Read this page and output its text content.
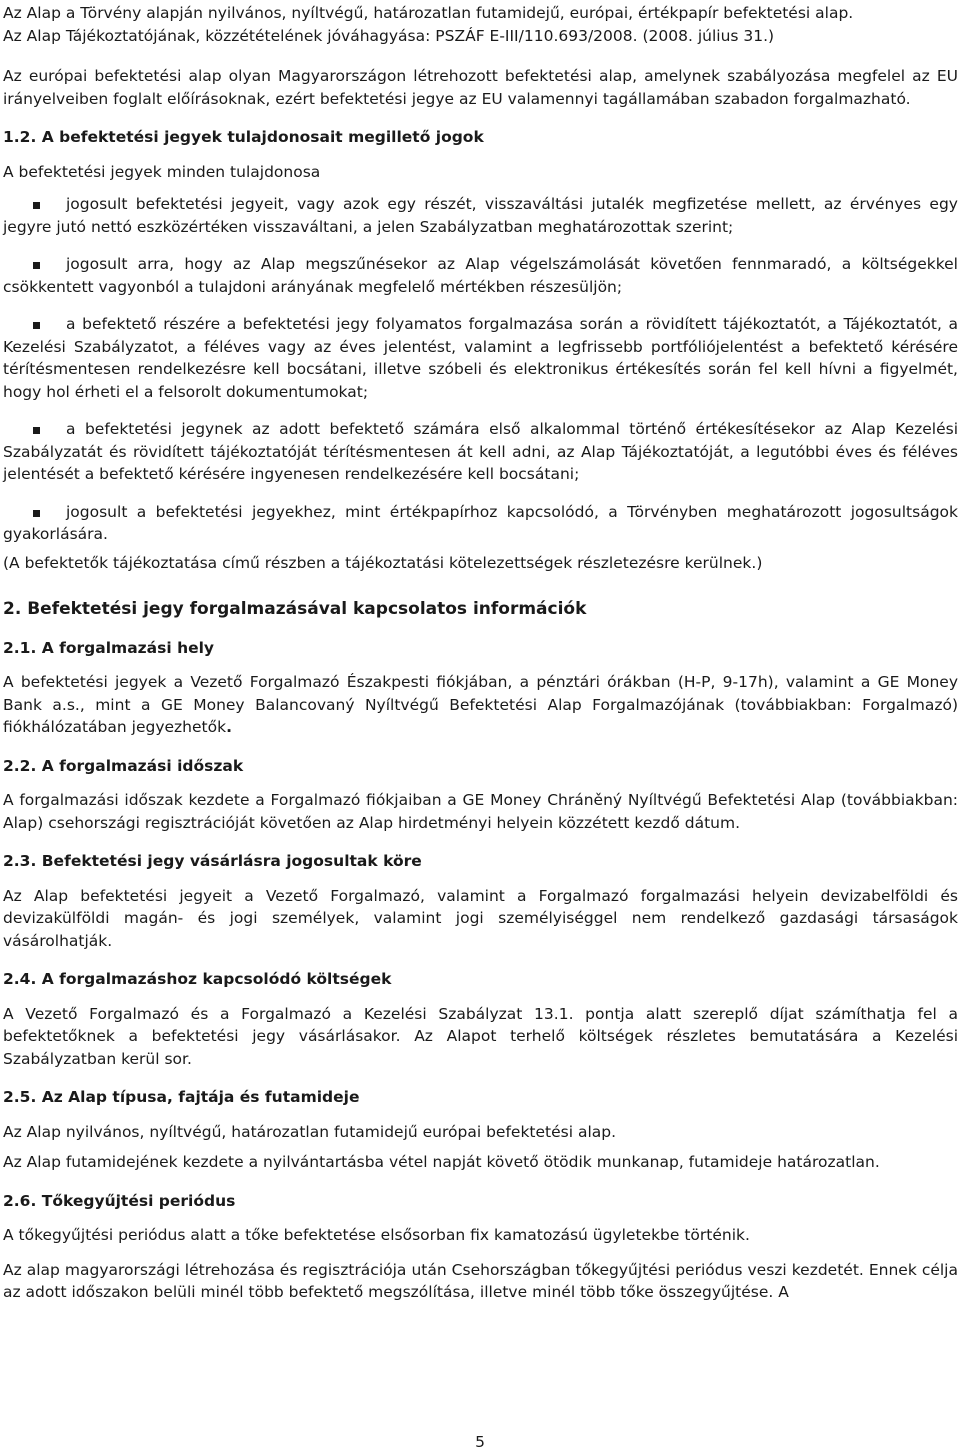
Az Alap a Törvény alapján nyilvános, nyíltvégű, határozatlan futamidejű, európai, értékpapír befektetési alap.

Az Alap Tájékoztatójának, közzétételének jóváhagyása: PSZÁF E-III/110.693/2008. (2008. július 31.)

Az európai befektetési alap olyan Magyarországon létrehozott befektetési alap, amelynek szabályozása megfelel az EU irányelveiben foglalt előírásoknak, ezért befektetési jegye az EU valamennyi tagállamában szabadon forgalmazható.

1.2. A befektetési jegyek tulajdonosait megillető jogok

A befektetési jegyek minden tulajdonosa

jogosult befektetési jegyeit, vagy azok egy részét, visszaváltási jutalék megfizetése mellett, az érvényes egy jegyre jutó nettó eszközértéken visszaváltani, a jelen Szabályzatban meghatározottak szerint;
jogosult arra, hogy az Alap megszűnésekor az Alap végelszámolását követően fennmaradó, a költségekkel csökkentett vagyonból a tulajdoni arányának megfelelő mértékben részesüljön;
a befektető részére a befektetési jegy folyamatos forgalmazása során a rövidített tájékoztatót, a Tájékoztatót, a Kezelési Szabályzatot, a féléves vagy az éves jelentést, valamint a legfrissebb portfóliójelentést a befektető kérésére térítésmentesen rendelkezésre kell bocsátani, illetve szóbeli és elektronikus értékesítés során fel kell hívni a figyelmét, hogy hol érheti el a felsorolt dokumentumokat;
a befektetési jegynek az adott befektető számára első alkalommal történő értékesítésekor az Alap Kezelési Szabályzatát és rövidített tájékoztatóját térítésmentesen át kell adni, az Alap Tájékoztatóját, a legutóbbi éves és féléves jelentését a befektető kérésére ingyenesen rendelkezésére kell bocsátani;
jogosult a befektetési jegyekhez, mint értékpapírhoz kapcsolódó, a Törvényben meghatározott jogosultságok gyakorlására.

(A befektetők tájékoztatása című részben a tájékoztatási kötelezettségek részletezésre kerülnek.)

2. Befektetési jegy forgalmazásával kapcsolatos információk

2.1. A forgalmazási hely

A befektetési jegyek a Vezető Forgalmazó Északpesti fiókjában, a pénztári órákban (H-P, 9-17h), valamint a GE Money Bank a.s., mint a GE Money Balancovaný Nyíltvégű Befektetési Alap Forgalmazójának (továbbiakban: Forgalmazó) fiókhálózatában jegyezhetők.

2.2. A forgalmazási időszak

A forgalmazási időszak kezdete a Forgalmazó fiókjaiban a GE Money Chráněný Nyíltvégű Befektetési Alap (továbbiakban: Alap) csehországi regisztrációját követően az Alap hirdetményi helyein közzétett kezdő dátum.

2.3. Befektetési jegy vásárlásra jogosultak köre

Az Alap befektetési jegyeit a Vezető Forgalmazó, valamint a Forgalmazó forgalmazási helyein devizabelföldi és devizakülföldi magán- és jogi személyek, valamint jogi személyiséggel nem rendelkező gazdasági társaságok vásárolhatják.

2.4. A forgalmazáshoz kapcsolódó költségek

A Vezető Forgalmazó és a Forgalmazó a Kezelési Szabályzat 13.1. pontja alatt szereplő díjat számíthatja fel a befektetőknek a befektetési jegy vásárlásakor. Az Alapot terhelő költségek részletes bemutatására a Kezelési Szabályzatban kerül sor.

2.5. Az Alap típusa, fajtája és futamideje

Az Alap nyilvános, nyíltvégű, határozatlan futamidejű európai befektetési alap.

Az Alap futamidejének kezdete a nyilvántartásba vétel napját követő ötödik munkanap, futamideje határozatlan.

2.6. Tőkegyűjtési periódus

A tőkegyűjtési periódus alatt a tőke befektetése elsősorban fix kamatozású ügyletekbe történik.

Az alap magyarországi létrehozása és regisztrációja után Csehországban tőkegyűjtési periódus veszi kezdetét. Ennek célja az adott időszakon belüli minél több befektető megszólítása, illetve minél több tőke összegyűjtése. A

5
